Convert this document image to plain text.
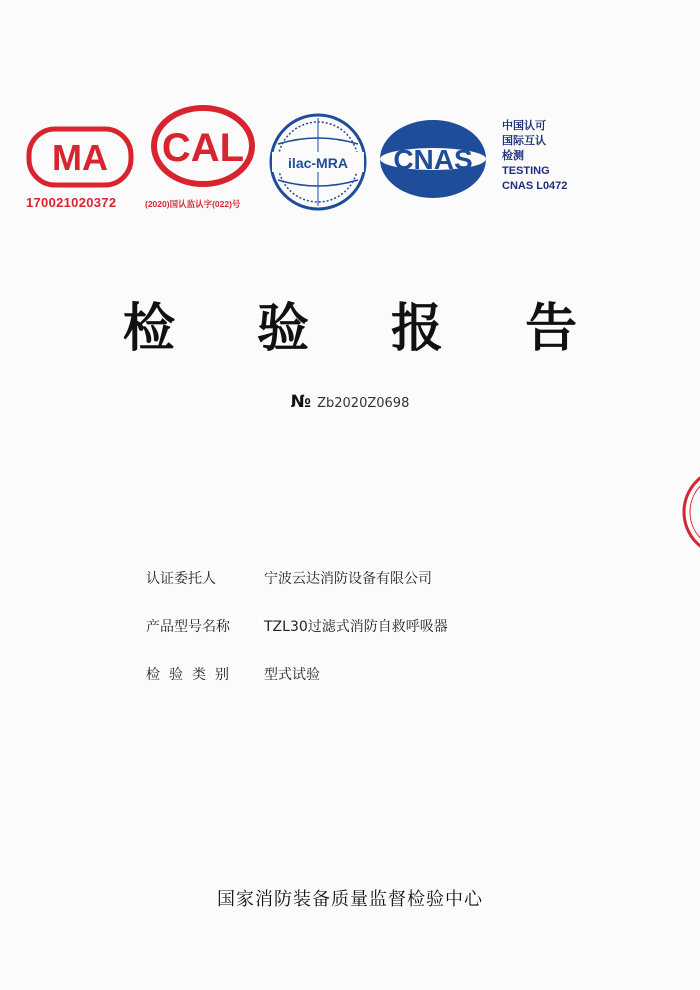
MA
170021020372
CAL
(2020)国认监认字(022)号
ilac-MRA CNAS
中国认可
国际互认
检测
TESTING
CNAS L0472
检 验 报 告
№ Zb2020Z0698
认证委托人	宁波云达消防设备有限公司
产品型号名称	TZL30过滤式消防自救呼吸器
检验类别	型式试验
国家消防装备质量监督检验中心
